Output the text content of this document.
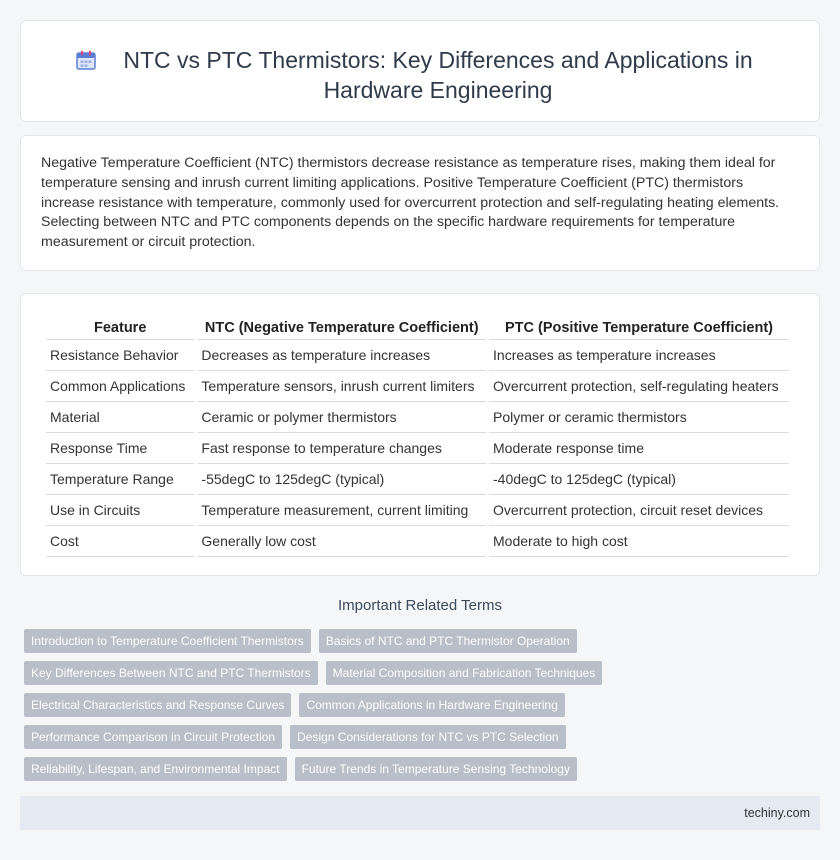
NTC vs PTC Thermistors: Key Differences and Applications in Hardware Engineering

Negative Temperature Coefficient (NTC) thermistors decrease resistance as temperature rises, making them ideal for temperature sensing and inrush current limiting applications. Positive Temperature Coefficient (PTC) thermistors increase resistance with temperature, commonly used for overcurrent protection and self-regulating heating elements. Selecting between NTC and PTC components depends on the specific hardware requirements for temperature measurement or circuit protection.

Feature	NTC (Negative Temperature Coefficient)	PTC (Positive Temperature Coefficient)
Resistance Behavior	Decreases as temperature increases	Increases as temperature increases
Common Applications	Temperature sensors, inrush current limiters	Overcurrent protection, self-regulating heaters
Material	Ceramic or polymer thermistors	Polymer or ceramic thermistors
Response Time	Fast response to temperature changes	Moderate response time
Temperature Range	-55degC to 125degC (typical)	-40degC to 125degC (typical)
Use in Circuits	Temperature measurement, current limiting	Overcurrent protection, circuit reset devices
Cost	Generally low cost	Moderate to high cost
Important Related Terms
Introduction to Temperature Coefficient Thermistors	Basics of NTC and PTC Thermistor Operation
Key Differences Between NTC and PTC Thermistors	Material Composition and Fabrication Techniques
Electrical Characteristics and Response Curves	Common Applications in Hardware Engineering
Performance Comparison in Circuit Protection	Design Considerations for NTC vs PTC Selection
Reliability, Lifespan, and Environmental Impact	Future Trends in Temperature Sensing Technology
techiny.com
